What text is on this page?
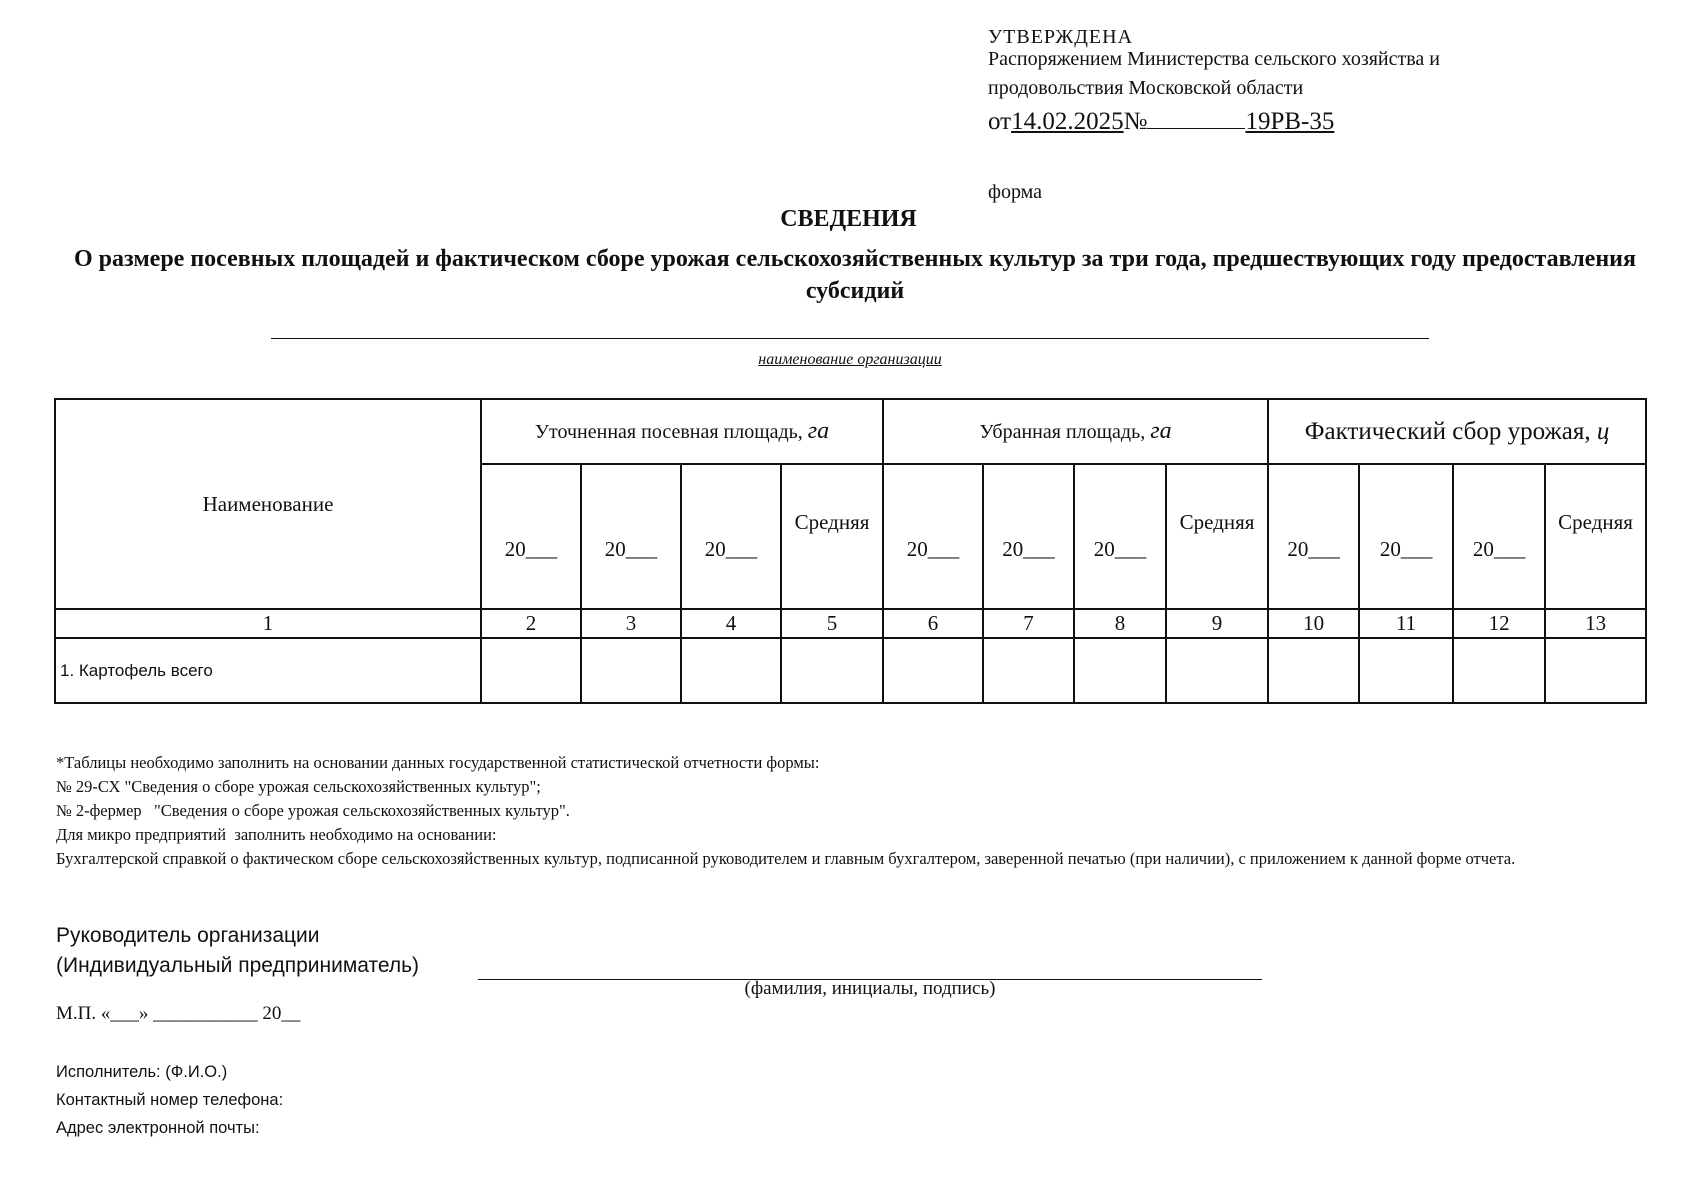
УТВЕРЖДЕНА
Распоряжением Министерства сельского хозяйства и
продовольствия Московской области
от14.02.2025№	19РВ-35
форма
СВЕДЕНИЯ
О размере посевных площадей и фактическом сборе урожая сельскохозяйственных культур за три года, предшествующих году предоставления субсидий
наименование организации
Наименование	Уточненная посевная площадь, га				Убранная площадь, га				Фактический сбор урожая, ц			
	20___	20___	20___	Средняя	20___	20___	20___	Средняя	20___	20___	20___	Средняя
1	2	3	4	5	6	7	8	9	10	11	12	13
1. Картофель всего												
*Таблицы необходимо заполнить на основании данных государственной статистической отчетности формы:
№ 29-СХ "Сведения о сборе урожая сельскохозяйственных культур";
№ 2-фермер   "Сведения о сборе урожая сельскохозяйственных культур".
Для микро предприятий  заполнить необходимо на основании:
Бухгалтерской справкой о фактическом сборе сельскохозяйственных культур, подписанной руководителем и главным бухгалтером, заверенной печатью (при наличии), с приложением к данной форме отчета.
Руководитель организации
(Индивидуальный предприниматель)
(фамилия, инициалы, подпись)
М.П. «___» ___________ 20__
Исполнитель: (Ф.И.О.)
Контактный номер телефона:
Адрес электронной почты:
